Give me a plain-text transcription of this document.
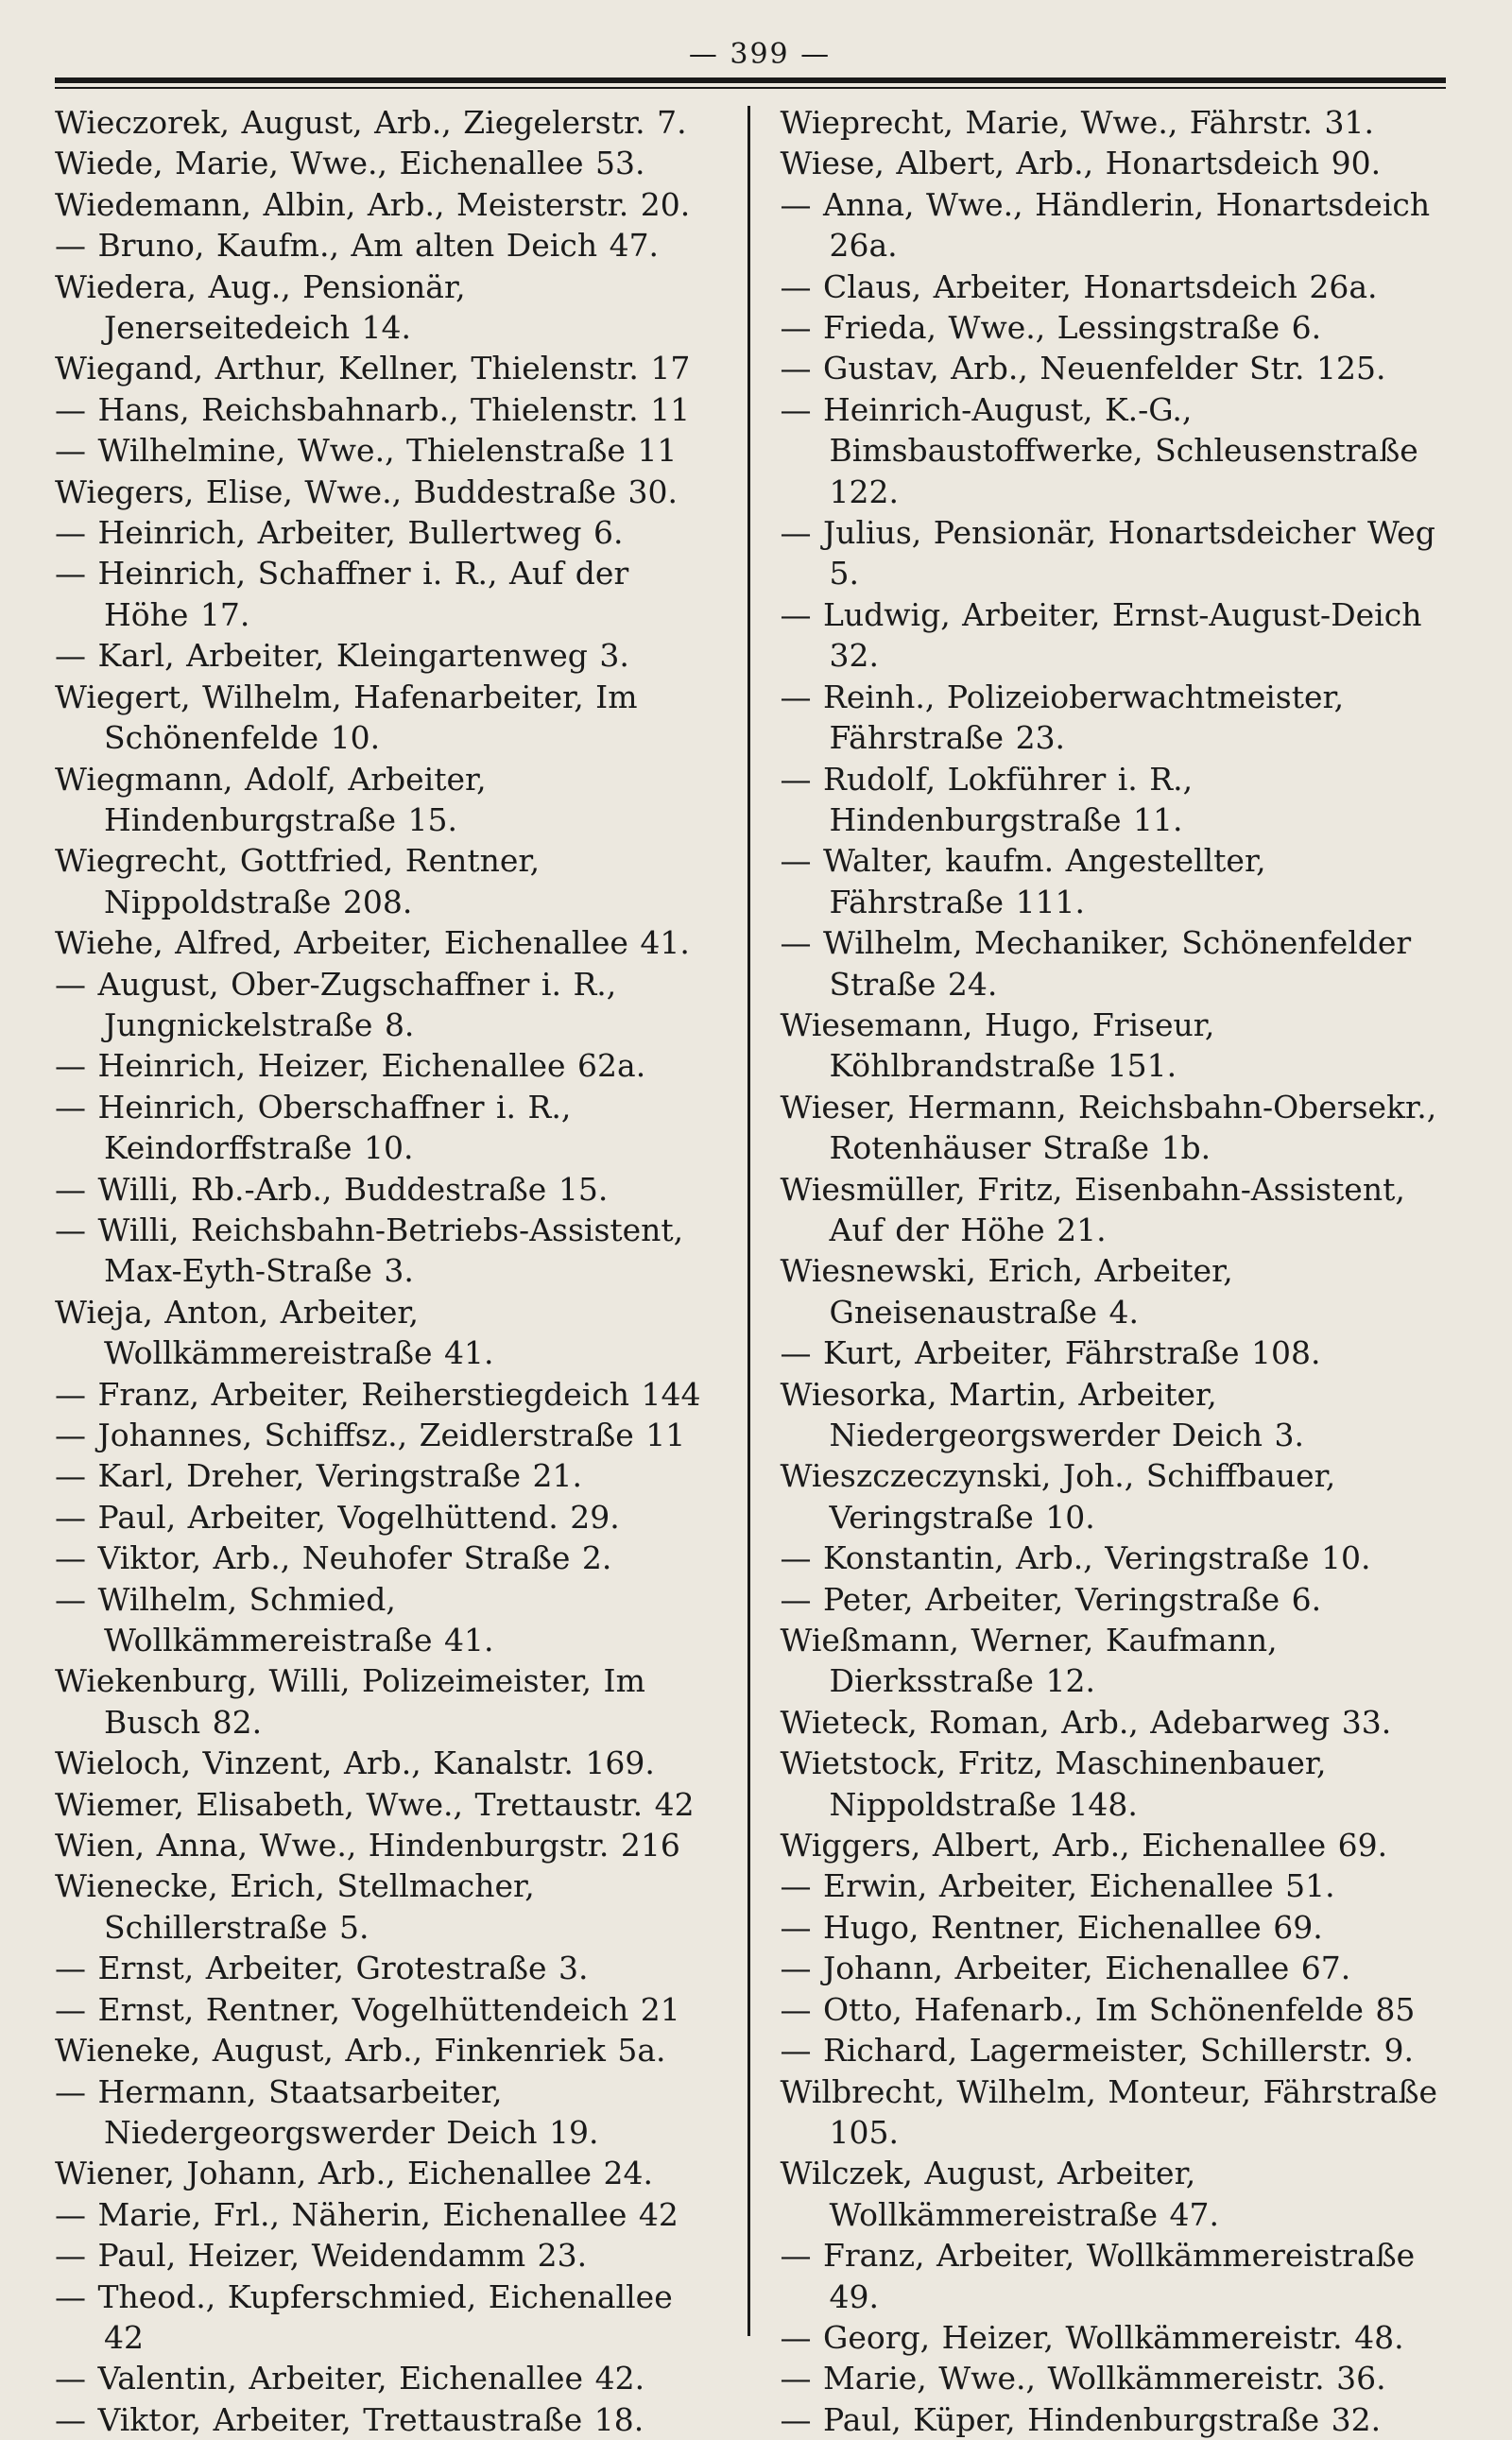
— 399 —
Wieczorek, August, Arb., Ziegelerstr. 7.
Wiede, Marie, Wwe., Eichenallee 53.
Wiedemann, Albin, Arb., Meisterstr. 20.
— Bruno, Kaufm., Am alten Deich 47.
Wiedera, Aug., Pensionär, Jenerseitedeich 14.
Wiegand, Arthur, Kellner, Thielenstr. 17
— Hans, Reichsbahnarb., Thielenstr. 11
— Wilhelmine, Wwe., Thielenstraße 11
Wiegers, Elise, Wwe., Buddestraße 30.
— Heinrich, Arbeiter, Bullertweg 6.
— Heinrich, Schaffner i. R., Auf der Höhe 17.
— Karl, Arbeiter, Kleingartenweg 3.
Wiegert, Wilhelm, Hafenarbeiter, Im Schönenfelde 10.
Wiegmann, Adolf, Arbeiter, Hindenburgstraße 15.
Wiegrecht, Gottfried, Rentner, Nippoldstraße 208.
Wiehe, Alfred, Arbeiter, Eichenallee 41.
— August, Ober-Zugschaffner i. R., Jungnickelstraße 8.
— Heinrich, Heizer, Eichenallee 62a.
— Heinrich, Oberschaffner i. R., Keindorffstraße 10.
— Willi, Rb.-Arb., Buddestraße 15.
— Willi, Reichsbahn-Betriebs-Assistent, Max-Eyth-Straße 3.
Wieja, Anton, Arbeiter, Wollkämmereistraße 41.
— Franz, Arbeiter, Reiherstiegdeich 144
— Johannes, Schiffsz., Zeidlerstraße 11
— Karl, Dreher, Veringstraße 21.
— Paul, Arbeiter, Vogelhüttend. 29.
— Viktor, Arb., Neuhofer Straße 2.
— Wilhelm, Schmied, Wollkämmereistraße 41.
Wiekenburg, Willi, Polizeimeister, Im Busch 82.
Wieloch, Vinzent, Arb., Kanalstr. 169.
Wiemer, Elisabeth, Wwe., Trettaustr. 42
Wien, Anna, Wwe., Hindenburgstr. 216
Wienecke, Erich, Stellmacher, Schillerstraße 5.
— Ernst, Arbeiter, Grotestraße 3.
— Ernst, Rentner, Vogelhüttendeich 21
Wieneke, August, Arb., Finkenriek 5a.
— Hermann, Staatsarbeiter, Niedergeorgswerder Deich 19.
Wiener, Johann, Arb., Eichenallee 24.
— Marie, Frl., Näherin, Eichenallee 42
— Paul, Heizer, Weidendamm 23.
— Theod., Kupferschmied, Eichenallee 42
— Valentin, Arbeiter, Eichenallee 42.
— Viktor, Arbeiter, Trettaustraße 18.
Wieprecht, Marie, Wwe., Fährstr. 31.
Wiese, Albert, Arb., Honartsdeich 90.
— Anna, Wwe., Händlerin, Honartsdeich 26a.
— Claus, Arbeiter, Honartsdeich 26a.
— Frieda, Wwe., Lessingstraße 6.
— Gustav, Arb., Neuenfelder Str. 125.
— Heinrich-August, K.-G., Bimsbaustoffwerke, Schleusenstraße 122.
— Julius, Pensionär, Honartsdeicher Weg 5.
— Ludwig, Arbeiter, Ernst-August-Deich 32.
— Reinh., Polizeioberwachtmeister, Fährstraße 23.
— Rudolf, Lokführer i. R., Hindenburgstraße 11.
— Walter, kaufm. Angestellter, Fährstraße 111.
— Wilhelm, Mechaniker, Schönenfelder Straße 24.
Wiesemann, Hugo, Friseur, Köhlbrandstraße 151.
Wieser, Hermann, Reichsbahn-Obersekr., Rotenhäuser Straße 1b.
Wiesmüller, Fritz, Eisenbahn-Assistent, Auf der Höhe 21.
Wiesnewski, Erich, Arbeiter, Gneisenaustraße 4.
— Kurt, Arbeiter, Fährstraße 108.
Wiesorka, Martin, Arbeiter, Niedergeorgswerder Deich 3.
Wieszczeczynski, Joh., Schiffbauer, Veringstraße 10.
— Konstantin, Arb., Veringstraße 10.
— Peter, Arbeiter, Veringstraße 6.
Wießmann, Werner, Kaufmann, Dierksstraße 12.
Wieteck, Roman, Arb., Adebarweg 33.
Wietstock, Fritz, Maschinenbauer, Nippoldstraße 148.
Wiggers, Albert, Arb., Eichenallee 69.
— Erwin, Arbeiter, Eichenallee 51.
— Hugo, Rentner, Eichenallee 69.
— Johann, Arbeiter, Eichenallee 67.
— Otto, Hafenarb., Im Schönenfelde 85
— Richard, Lagermeister, Schillerstr. 9.
Wilbrecht, Wilhelm, Monteur, Fährstraße 105.
Wilczek, August, Arbeiter, Wollkämmereistraße 47.
— Franz, Arbeiter, Wollkämmereistraße 49.
— Georg, Heizer, Wollkämmereistr. 48.
— Marie, Wwe., Wollkämmereistr. 36.
— Paul, Küper, Hindenburgstraße 32.
